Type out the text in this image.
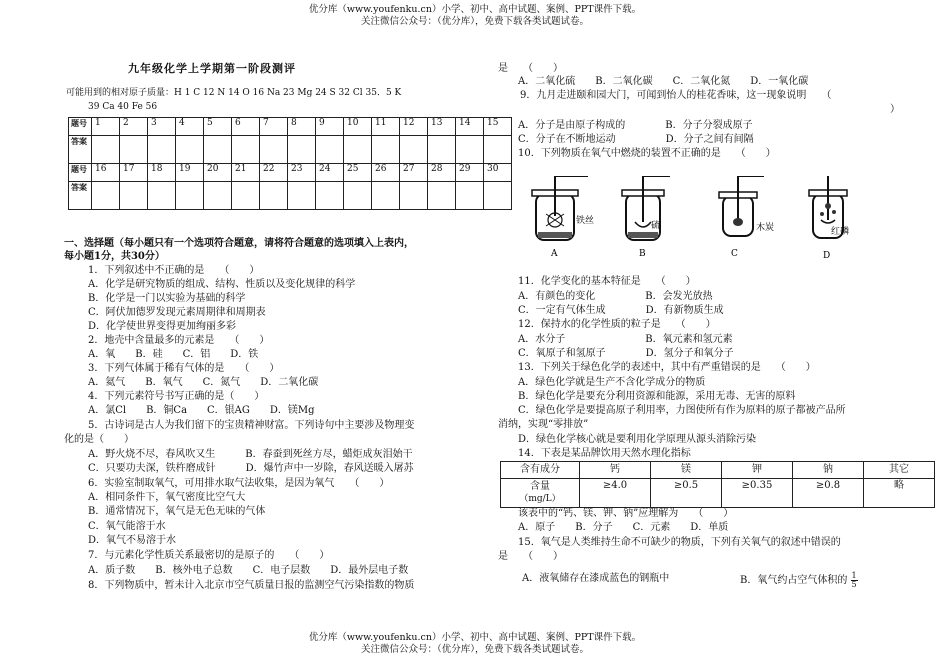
优分库（www.youfenku.cn）小学、初中、高中试题、案例、PPT课件下载。
关注微信公众号：（优分库），免费下载各类试题试卷。
九年级化学上学期第一阶段测评
可能用到的相对原子质量：H 1 C 12 N 14 O 16 Na 23 Mg 24 S 32 Cl 35．5 K
39 Ca 40 Fe 56
题号	1	2	3	4	5	6	7	8	9	10	11	12	13	14	15
答案															
题号	16	17	18	19	20	21	22	23	24	25	26	27	28	29	30
答案															
一、选择题（每小题只有一个选项符合题意，请将符合题意的选项填入上表内，
每小题1分，共30分）
1．下列叙述中不正确的是　　（　　）
A．化学是研究物质的组成、结构、性质以及变化规律的科学
B．化学是一门以实验为基础的科学
C．阿伏加德罗发现元素周期律和周期表
D．化学使世界变得更加绚丽多彩
2．地壳中含量最多的元素是　　（　　）
A．氧　　B．硅　　C．铝　　D．铁
3．下列气体属于稀有气体的是　　（　　）
A．氦气　　B．氧气　　C．氮气　　D．二氧化碳
4．下列元素符号书写正确的是（　　）
A．氯Cl　　B．铜Ca　　C．银AG　　D．镁Mg
5．古诗词是古人为我们留下的宝贵精神财富。下列诗句中主要涉及物理变
化的是（　　）
A．野火烧不尽，春风吹又生　　　B．春蚕到死丝方尽，蜡炬成灰泪始干
C．只要功夫深，铁杵磨成针　　　D．爆竹声中一岁除，春风送暖入屠苏
6．实验室制取氧气，可用排水取气法收集，是因为氧气　　（　　）
A．相同条件下，氧气密度比空气大
B．通常情况下，氧气是无色无味的气体
C．氧气能溶于水
D．氧气不易溶于水
7．与元素化学性质关系最密切的是原子的　　（　　）
A．质子数　　B．核外电子总数　　C．电子层数　　D．最外层电子数
8．下列物质中，暂未计入北京市空气质量日报的监测空气污染指数的物质
是　　（　　）
A．二氧化硫　　B．二氧化碳　　C．二氧化氮　　D．一氧化碳
9．九月走进颐和园大门，可闻到怡人的桂花香味，这一现象说明　　（
）
A．分子是由原子构成的　　　　B．分子分裂成原子
C．分子在不断地运动　　　　　D．分子之间有间隔
10．下列物质在氧气中燃烧的装置不正确的是　　（　　）
铁丝
A
硫
B
木炭
C
红磷
D
11．化学变化的基本特征是　　（　　）
A．有颜色的变化　　　　　B．会发光放热
C．一定有气体生成　　　　D．有新物质生成
12．保持水的化学性质的粒子是　　（　　）
A．水分子　　　　　　　　B．氧元素和氢元素
C．氧原子和氢原子　　　　D．氢分子和氧分子
13．下列关于绿色化学的表述中，其中有严重错误的是　　（　　）
A．绿色化学就是生产不含化学成分的物质
B．绿色化学是要充分利用资源和能源，采用无毒、无害的原料
C．绿色化学是要提高原子利用率，力图使所有作为原料的原子都被产品所
消纳，实现“零排放”
D．绿色化学核心就是要利用化学原理从源头消除污染
14．下表是某品牌饮用天然水理化指标
含有成分	钙	镁	钾	钠	其它

含量
（mg/L）	≥4.0	≥0.5	≥0.35	≥0.8	略
该表中的“钙、镁、钾、钠”应理解为　　（　　）
A．原子　　B．分子　　C．元素　　D．单质
15．氧气是人类维持生命不可缺少的物质，下列有关氧气的叙述中错误的
是　　（　　）
A．液氧储存在漆成蓝色的钢瓶中	B．氧气约占空气体积的 $\frac{1}{5}$
优分库（www.youfenku.cn）小学、初中、高中试题、案例、PPT课件下载。
关注微信公众号：（优分库），免费下载各类试题试卷。
